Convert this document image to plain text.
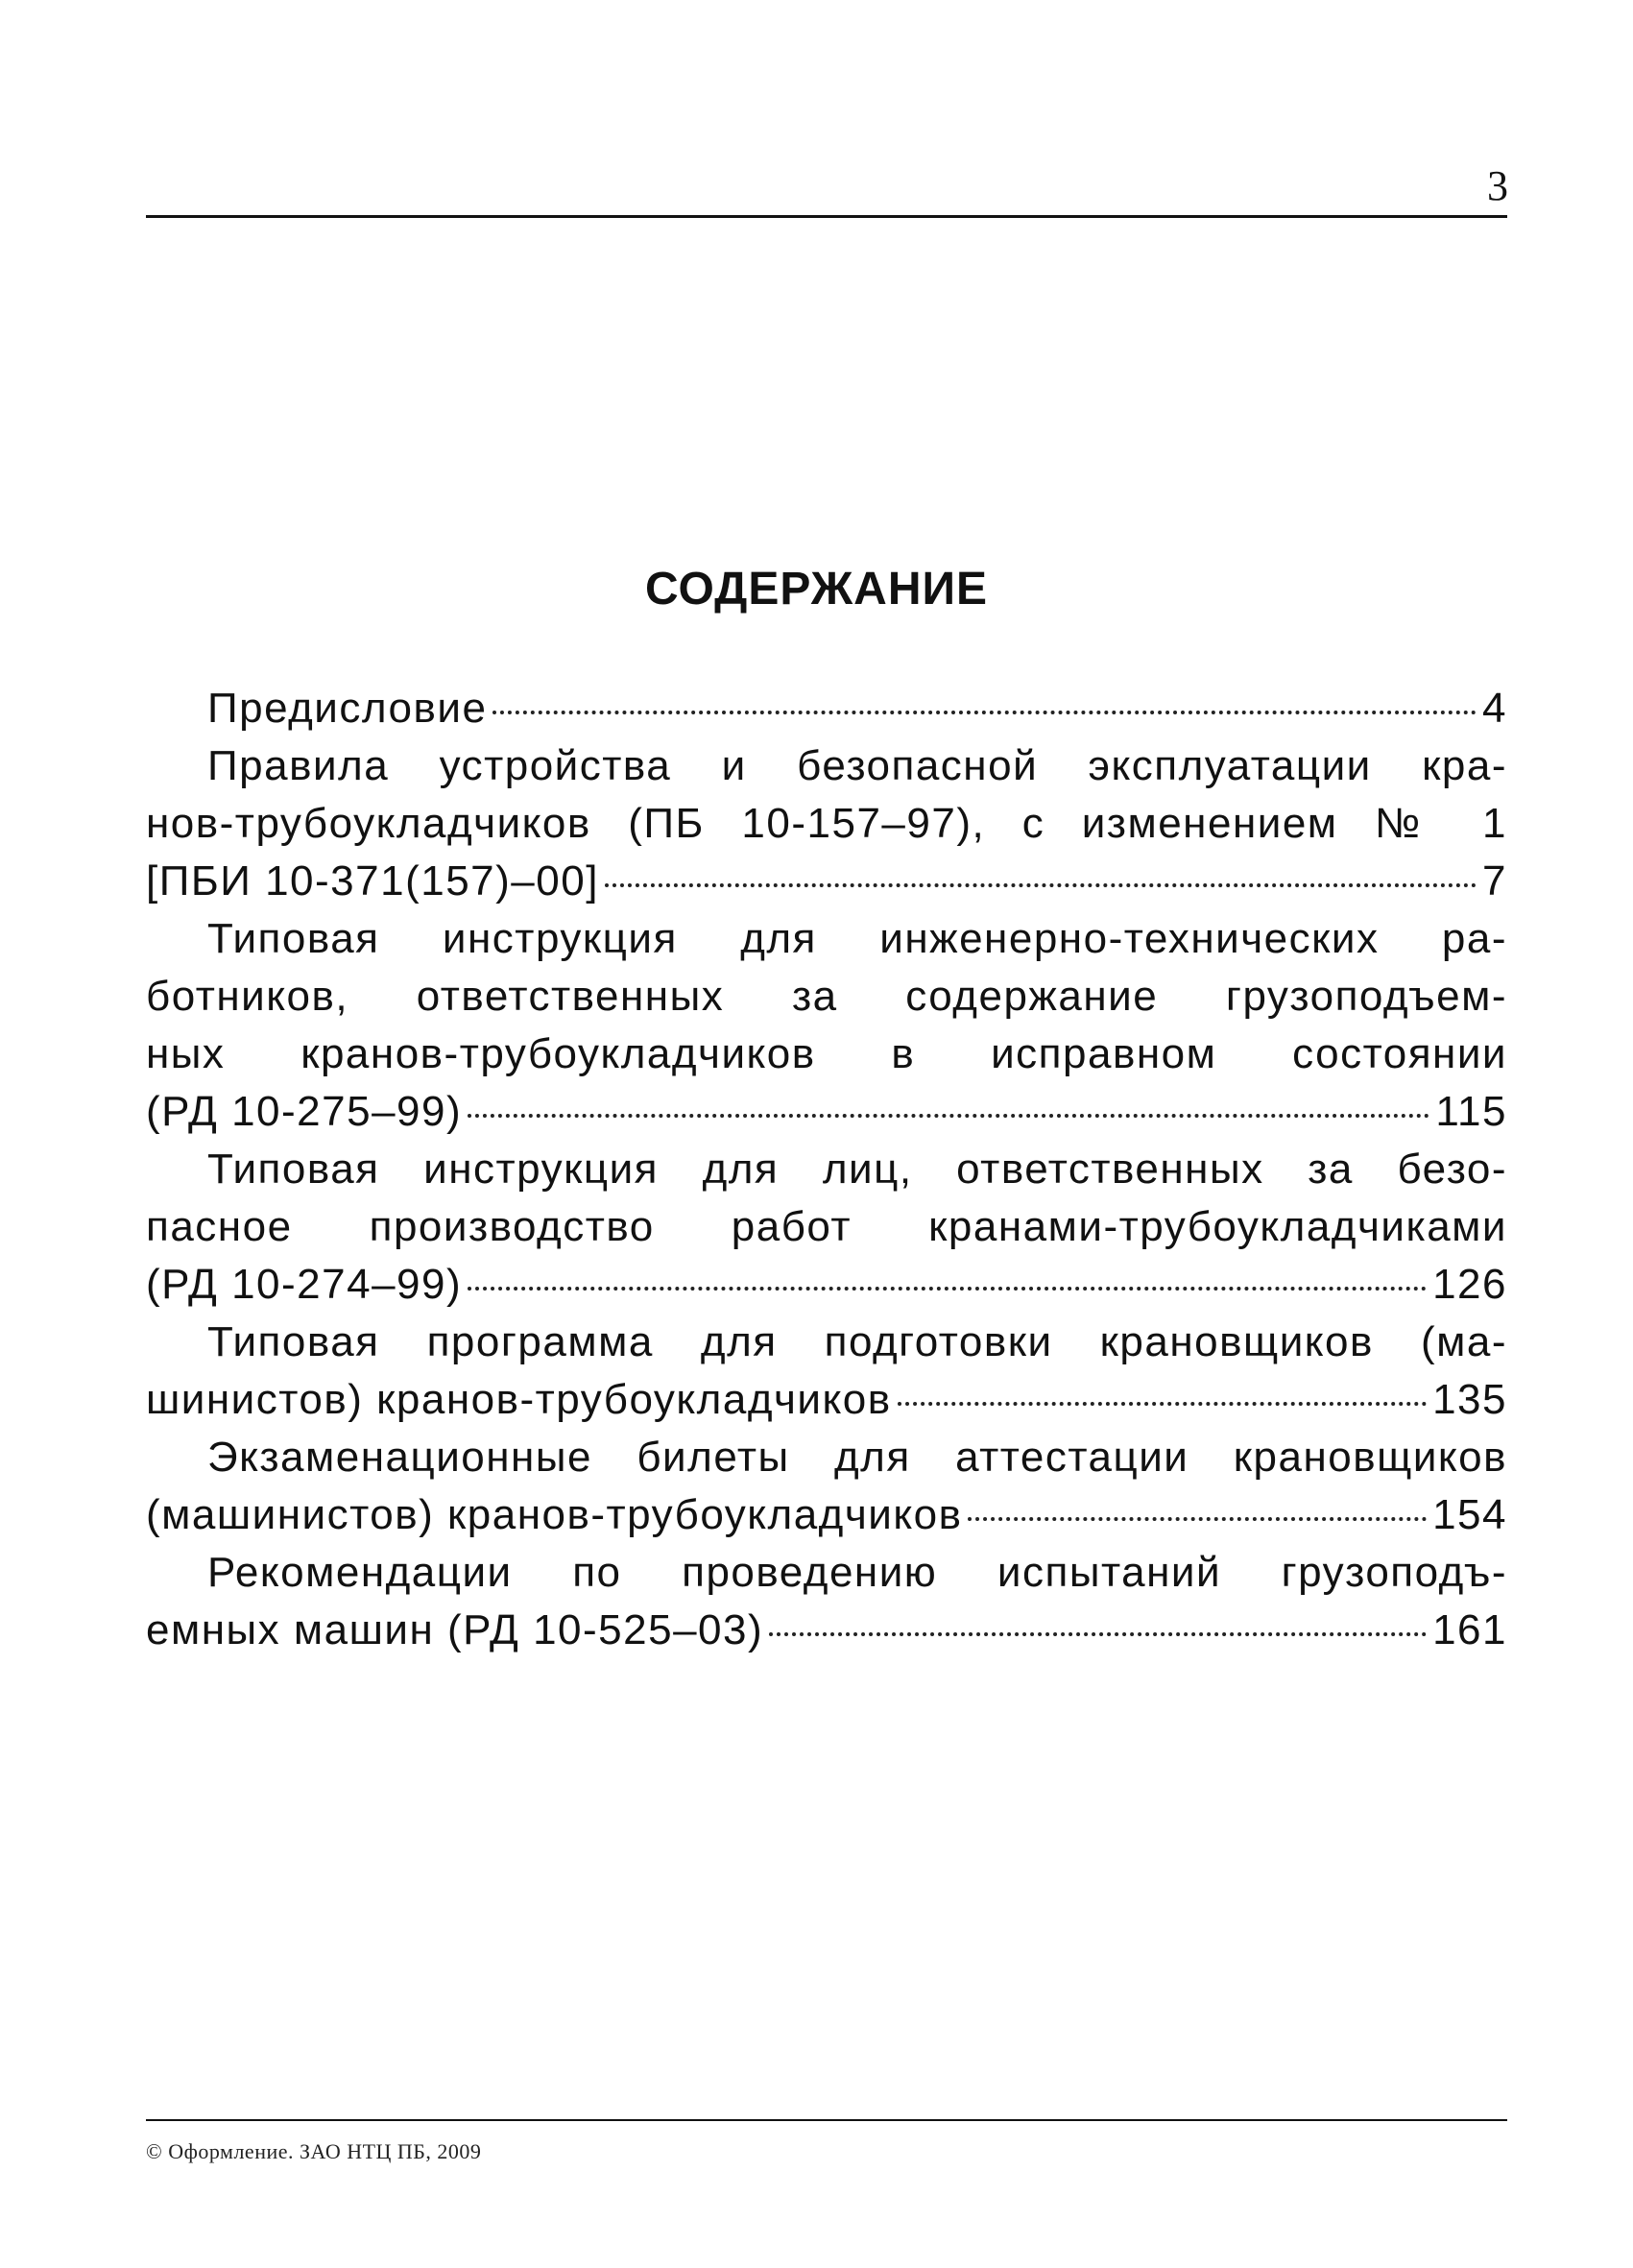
3
СОДЕРЖАНИЕ
Предисловие	4
Правила устройства и безопасной эксплуатации кра-
нов-трубоукладчиков (ПБ 10-157–97), с изменением № 1
[ПБИ 10-371(157)–00]	7
Типовая инструкция для инженерно-технических ра-
ботников, ответственных за содержание грузоподъем-
ных кранов-трубоукладчиков в исправном состоянии
(РД 10-275–99)	115
Типовая инструкция для лиц, ответственных за безо-
пасное производство работ кранами-трубоукладчиками
(РД 10-274–99)	126
Типовая программа для подготовки крановщиков (ма-
шинистов) кранов-трубоукладчиков	135
Экзаменационные билеты для аттестации крановщиков
(машинистов) кранов-трубоукладчиков	154
Рекомендации по проведению испытаний грузоподъ-
емных машин (РД 10-525–03)	161
© Оформление. ЗАО НТЦ ПБ, 2009
